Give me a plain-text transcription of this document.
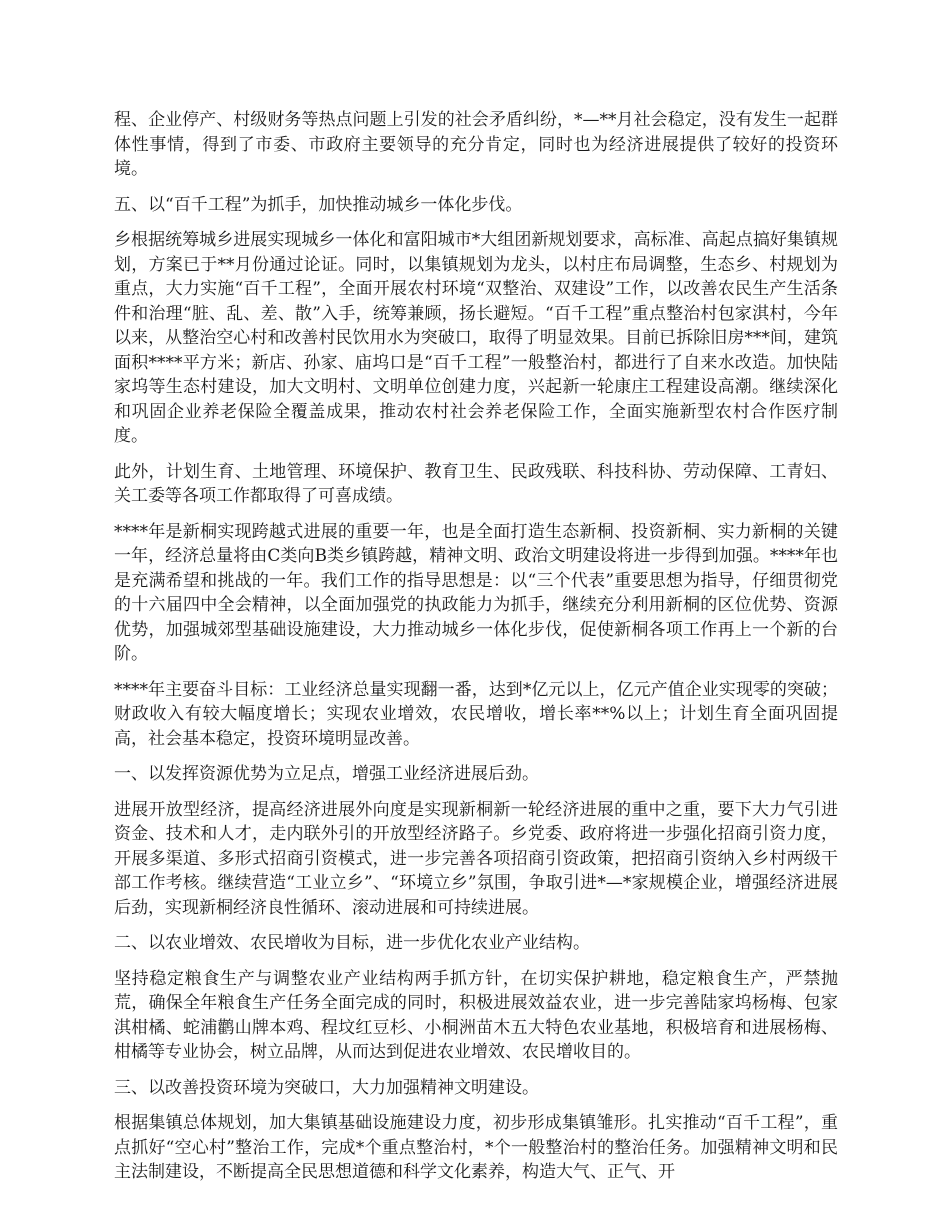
程、企业停产、村级财务等热点问题上引发的社会矛盾纠纷，*—**月社会稳定，没有发生一起群体性事情，得到了市委、市政府主要领导的充分肯定，同时也为经济进展提供了较好的投资环境。

五、以“百千工程”为抓手，加快推动城乡一体化步伐。

乡根据统筹城乡进展实现城乡一体化和富阳城市*大组团新规划要求，高标准、高起点搞好集镇规划，方案已于**月份通过论证。同时，以集镇规划为龙头，以村庄布局调整，生态乡、村规划为重点，大力实施“百千工程”，全面开展农村环境“双整治、双建设”工作，以改善农民生产生活条件和治理“脏、乱、差、散”入手，统筹兼顾，扬长避短。“百千工程”重点整治村包家淇村，今年以来，从整治空心村和改善村民饮用水为突破口，取得了明显效果。目前已拆除旧房***间，建筑面积****平方米；新店、孙家、庙坞口是“百千工程”一般整治村，都进行了自来水改造。加快陆家坞等生态村建设，加大文明村、文明单位创建力度，兴起新一轮康庄工程建设高潮。继续深化和巩固企业养老保险全覆盖成果，推动农村社会养老保险工作，全面实施新型农村合作医疗制度。

此外，计划生育、土地管理、环境保护、教育卫生、民政残联、科技科协、劳动保障、工青妇、关工委等各项工作都取得了可喜成绩。

****年是新桐实现跨越式进展的重要一年，也是全面打造生态新桐、投资新桐、实力新桐的关键一年，经济总量将由C类向B类乡镇跨越，精神文明、政治文明建设将进一步得到加强。****年也是充满希望和挑战的一年。我们工作的指导思想是：以“三个代表”重要思想为指导，仔细贯彻党的十六届四中全会精神，以全面加强党的执政能力为抓手，继续充分利用新桐的区位优势、资源优势，加强城郊型基础设施建设，大力推动城乡一体化步伐，促使新桐各项工作再上一个新的台阶。

****年主要奋斗目标：工业经济总量实现翻一番，达到*亿元以上，亿元产值企业实现零的突破；财政收入有较大幅度增长；实现农业增效，农民增收，增长率**%以上；计划生育全面巩固提高，社会基本稳定，投资环境明显改善。

一、以发挥资源优势为立足点，增强工业经济进展后劲。

进展开放型经济，提高经济进展外向度是实现新桐新一轮经济进展的重中之重，要下大力气引进资金、技术和人才，走内联外引的开放型经济路子。乡党委、政府将进一步强化招商引资力度，开展多渠道、多形式招商引资模式，进一步完善各项招商引资政策，把招商引资纳入乡村两级干部工作考核。继续营造“工业立乡”、“环境立乡”氛围，争取引进*—*家规模企业，增强经济进展后劲，实现新桐经济良性循环、滚动进展和可持续进展。

二、以农业增效、农民增收为目标，进一步优化农业产业结构。

坚持稳定粮食生产与调整农业产业结构两手抓方针，在切实保护耕地，稳定粮食生产，严禁抛荒，确保全年粮食生产任务全面完成的同时，积极进展效益农业，进一步完善陆家坞杨梅、包家淇柑橘、蛇浦鹳山牌本鸡、程坟红豆杉、小桐洲苗木五大特色农业基地，积极培育和进展杨梅、柑橘等专业协会，树立品牌，从而达到促进农业增效、农民增收目的。

三、以改善投资环境为突破口，大力加强精神文明建设。

根据集镇总体规划，加大集镇基础设施建设力度，初步形成集镇雏形。扎实推动“百千工程”，重点抓好“空心村”整治工作，完成*个重点整治村，*个一般整治村的整治任务。加强精神文明和民主法制建设，不断提高全民思想道德和科学文化素养，构造大气、正气、开
